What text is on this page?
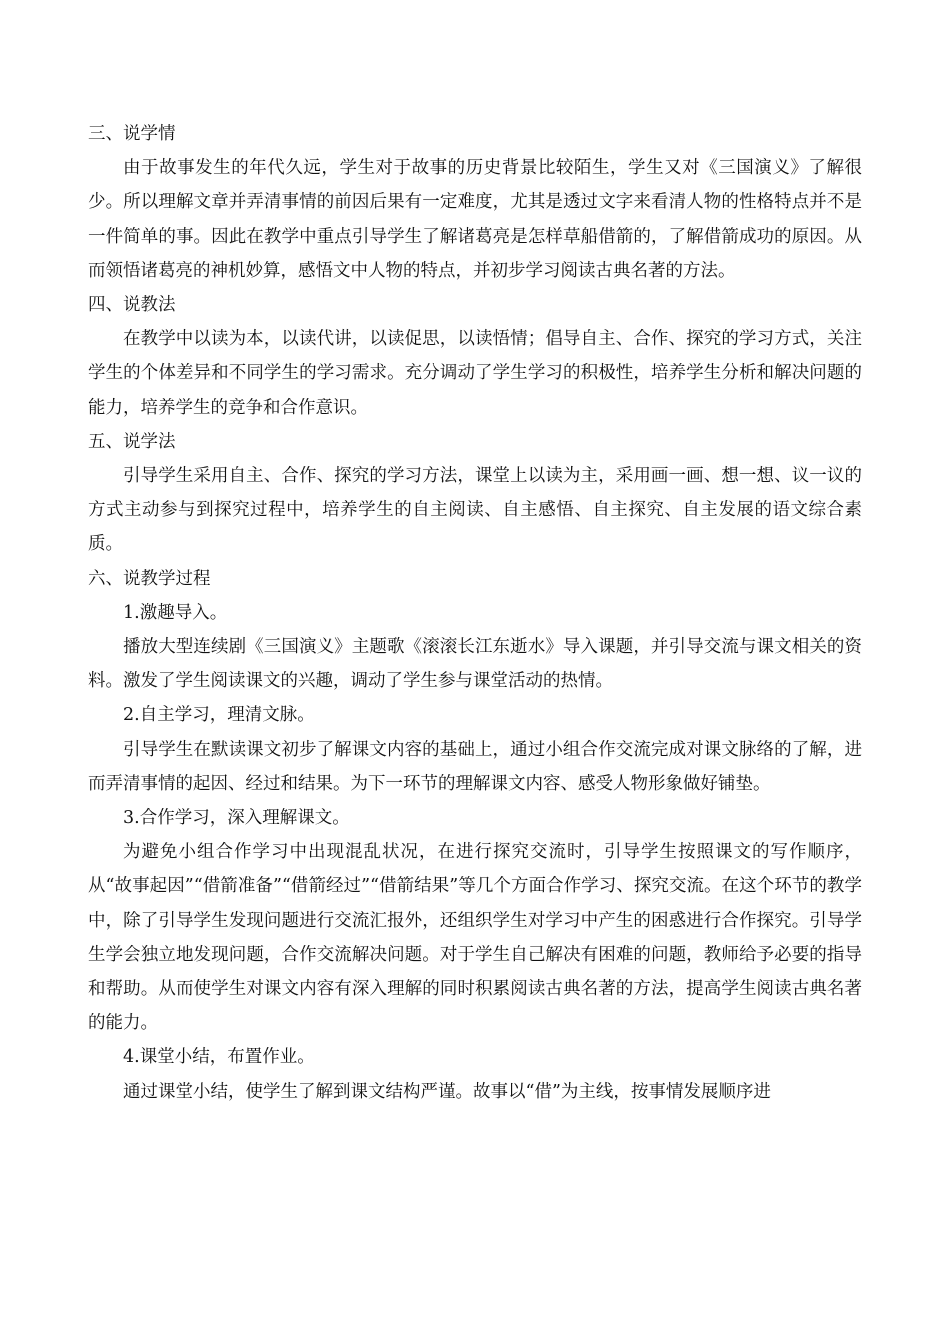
三、说学情

由于故事发生的年代久远，学生对于故事的历史背景比较陌生，学生又对《三国演义》了解很少。所以理解文章并弄清事情的前因后果有一定难度，尤其是透过文字来看清人物的性格特点并不是一件简单的事。因此在教学中重点引导学生了解诸葛亮是怎样草船借箭的，了解借箭成功的原因。从而领悟诸葛亮的神机妙算，感悟文中人物的特点，并初步学习阅读古典名著的方法。

四、说教法

在教学中以读为本，以读代讲，以读促思，以读悟情；倡导自主、合作、探究的学习方式，关注学生的个体差异和不同学生的学习需求。充分调动了学生学习的积极性，培养学生分析和解决问题的能力，培养学生的竞争和合作意识。

五、说学法

引导学生采用自主、合作、探究的学习方法，课堂上以读为主，采用画一画、想一想、议一议的方式主动参与到探究过程中，培养学生的自主阅读、自主感悟、自主探究、自主发展的语文综合素质。

六、说教学过程

1.激趣导入。

播放大型连续剧《三国演义》主题歌《滚滚长江东逝水》导入课题，并引导交流与课文相关的资料。激发了学生阅读课文的兴趣，调动了学生参与课堂活动的热情。

2.自主学习，理清文脉。

引导学生在默读课文初步了解课文内容的基础上，通过小组合作交流完成对课文脉络的了解，进而弄清事情的起因、经过和结果。为下一环节的理解课文内容、感受人物形象做好铺垫。

3.合作学习，深入理解课文。

为避免小组合作学习中出现混乱状况，在进行探究交流时，引导学生按照课文的写作顺序，从“故事起因”“借箭准备”“借箭经过”“借箭结果”等几个方面合作学习、探究交流。在这个环节的教学中，除了引导学生发现问题进行交流汇报外，还组织学生对学习中产生的困惑进行合作探究。引导学生学会独立地发现问题，合作交流解决问题。对于学生自己解决有困难的问题，教师给予必要的指导和帮助。从而使学生对课文内容有深入理解的同时积累阅读古典名著的方法，提高学生阅读古典名著的能力。

4.课堂小结，布置作业。

通过课堂小结，使学生了解到课文结构严谨。故事以“借”为主线，按事情发展顺序进
